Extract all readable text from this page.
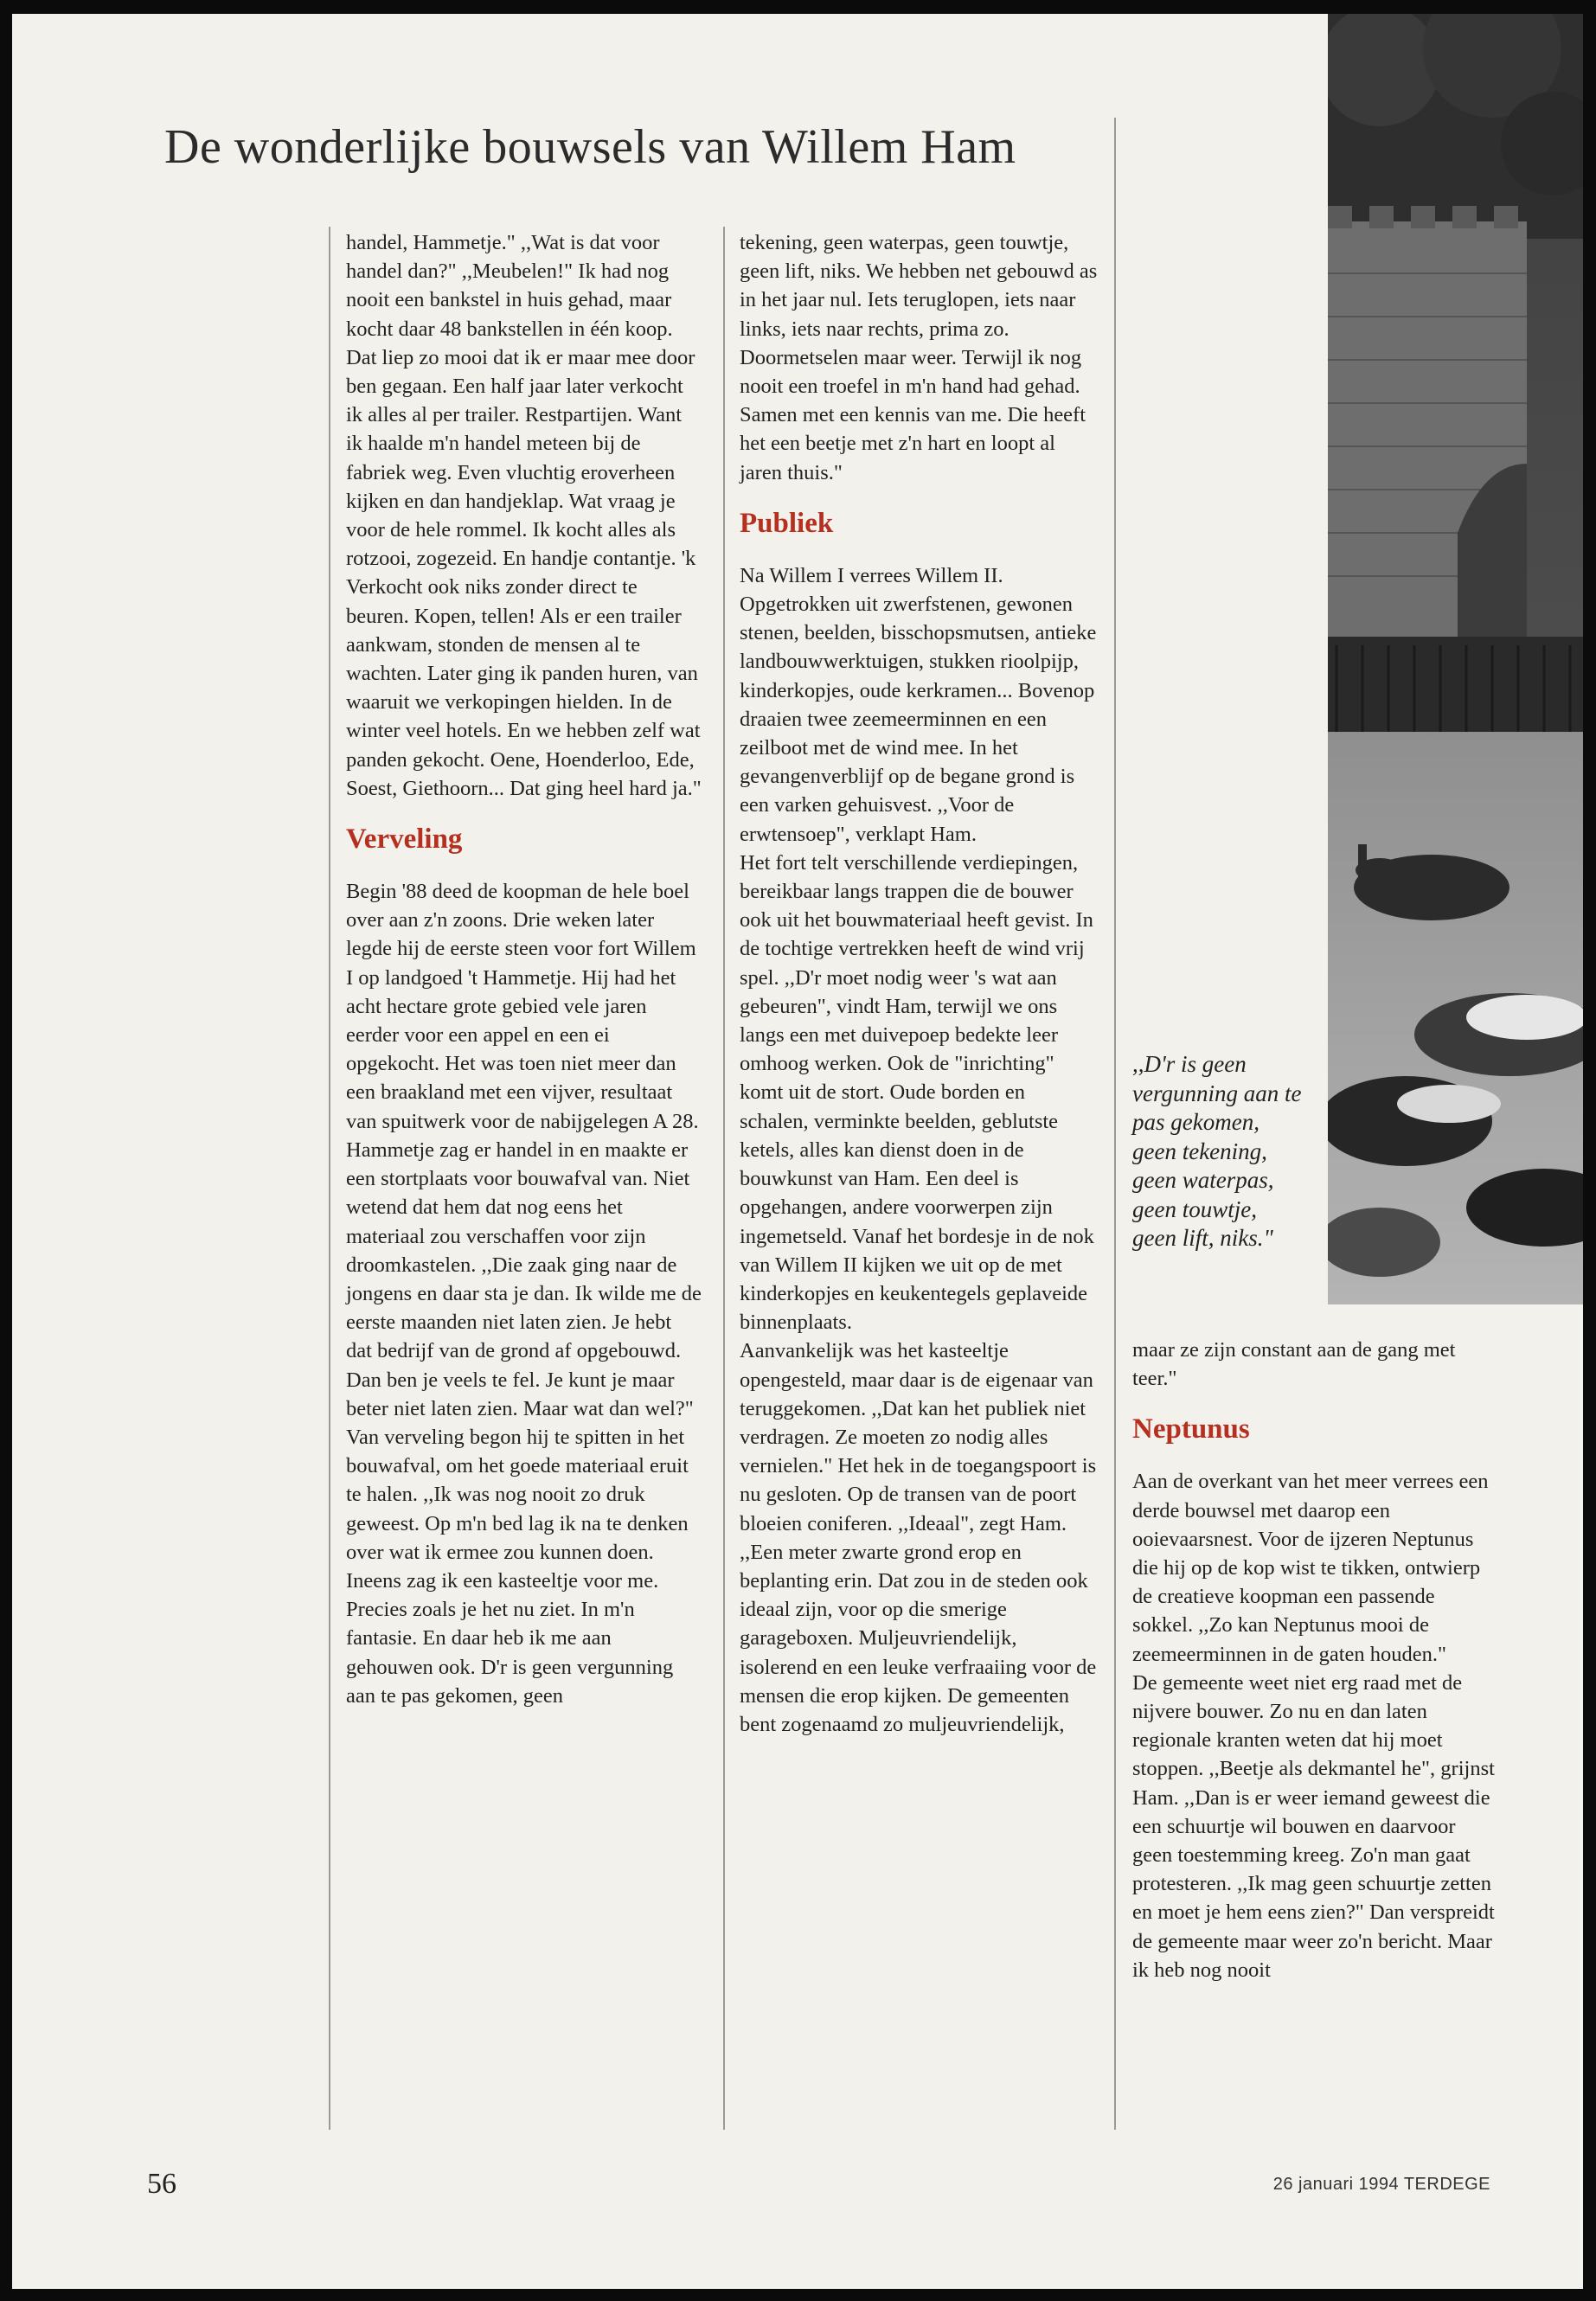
De wonderlijke bouwsels van Willem Ham

handel, Hammetje." ,,Wat is dat voor handel dan?" ,,Meubelen!" Ik had nog nooit een bankstel in huis gehad, maar kocht daar 48 bankstellen in één koop. Dat liep zo mooi dat ik er maar mee door ben gegaan. Een half jaar later verkocht ik alles al per trailer. Restpartijen. Want ik haalde m'n handel meteen bij de fabriek weg. Even vluchtig eroverheen kijken en dan handjeklap. Wat vraag je voor de hele rommel. Ik kocht alles als rotzooi, zogezeid. En handje contantje. 'k Verkocht ook niks zonder direct te beuren. Kopen, tellen! Als er een trailer aankwam, stonden de mensen al te wachten. Later ging ik panden huren, van waaruit we verkopingen hielden. In de winter veel hotels. En we hebben zelf wat panden gekocht. Oene, Hoenderloo, Ede, Soest, Giethoorn... Dat ging heel hard ja."

Verveling

Begin '88 deed de koopman de hele boel over aan z'n zoons. Drie weken later legde hij de eerste steen voor fort Willem I op landgoed 't Hammetje. Hij had het acht hectare grote gebied vele jaren eerder voor een appel en een ei opgekocht. Het was toen niet meer dan een braakland met een vijver, resultaat van spuitwerk voor de nabijgelegen A 28.

Hammetje zag er handel in en maakte er een stortplaats voor bouwafval van. Niet wetend dat hem dat nog eens het materiaal zou verschaffen voor zijn droomkastelen. ,,Die zaak ging naar de jongens en daar sta je dan. Ik wilde me de eerste maanden niet laten zien. Je hebt dat bedrijf van de grond af opgebouwd. Dan ben je veels te fel. Je kunt je maar beter niet laten zien. Maar wat dan wel?"

Van verveling begon hij te spitten in het bouwafval, om het goede materiaal eruit te halen. ,,Ik was nog nooit zo druk geweest. Op m'n bed lag ik na te denken over wat ik ermee zou kunnen doen. Ineens zag ik een kasteeltje voor me. Precies zoals je het nu ziet. In m'n fantasie. En daar heb ik me aan gehouwen ook. D'r is geen vergunning aan te pas gekomen, geen

tekening, geen waterpas, geen touwtje, geen lift, niks. We hebben net gebouwd as in het jaar nul. Iets teruglopen, iets naar links, iets naar rechts, prima zo. Doormetselen maar weer. Terwijl ik nog nooit een troefel in m'n hand had gehad. Samen met een kennis van me. Die heeft het een beetje met z'n hart en loopt al jaren thuis."

Publiek

Na Willem I verrees Willem II. Opgetrokken uit zwerfstenen, gewonen stenen, beelden, bisschopsmutsen, antieke landbouwwerktuigen, stukken rioolpijp, kinderkopjes, oude kerkramen... Bovenop draaien twee zeemeerminnen en een zeilboot met de wind mee. In het gevangenverblijf op de begane grond is een varken gehuisvest. ,,Voor de erwtensoep", verklapt Ham.

Het fort telt verschillende verdiepingen, bereikbaar langs trappen die de bouwer ook uit het bouwmateriaal heeft gevist. In de tochtige vertrekken heeft de wind vrij spel. ,,D'r moet nodig weer 's wat aan gebeuren", vindt Ham, terwijl we ons langs een met duivepoep bedekte leer omhoog werken. Ook de "inrichting" komt uit de stort. Oude borden en schalen, verminkte beelden, geblutste ketels, alles kan dienst doen in de bouwkunst van Ham. Een deel is opgehangen, andere voorwerpen zijn ingemetseld. Vanaf het bordesje in de nok van Willem II kijken we uit op de met kinderkopjes en keukentegels geplaveide binnenplaats.

Aanvankelijk was het kasteeltje opengesteld, maar daar is de eigenaar van teruggekomen. ,,Dat kan het publiek niet verdragen. Ze moeten zo nodig alles vernielen." Het hek in de toegangspoort is nu gesloten. Op de transen van de poort bloeien coniferen. ,,Ideaal", zegt Ham. ,,Een meter zwarte grond erop en beplanting erin. Dat zou in de steden ook ideaal zijn, voor op die smerige garageboxen. Muljeuvriendelijk, isolerend en een leuke verfraaiing voor de mensen die erop kijken. De gemeenten bent zogenaamd zo muljeuvriendelijk,

,,D'r is geen vergunning aan te pas gekomen, geen tekening, geen waterpas, geen touwtje, geen lift, niks."

maar ze zijn constant aan de gang met teer."

Neptunus

Aan de overkant van het meer verrees een derde bouwsel met daarop een ooievaarsnest. Voor de ijzeren Neptunus die hij op de kop wist te tikken, ontwierp de creatieve koopman een passende sokkel. ,,Zo kan Neptunus mooi de zeemeerminnen in de gaten houden."

De gemeente weet niet erg raad met de nijvere bouwer. Zo nu en dan laten regionale kranten weten dat hij moet stoppen. ,,Beetje als dekmantel he", grijnst Ham. ,,Dan is er weer iemand geweest die een schuurtje wil bouwen en daarvoor geen toestemming kreeg. Zo'n man gaat protesteren. ,,Ik mag geen schuurtje zetten en moet je hem eens zien?" Dan verspreidt de gemeente maar weer zo'n bericht. Maar ik heb nog nooit

56	26 januari 1994 TERDEGE
